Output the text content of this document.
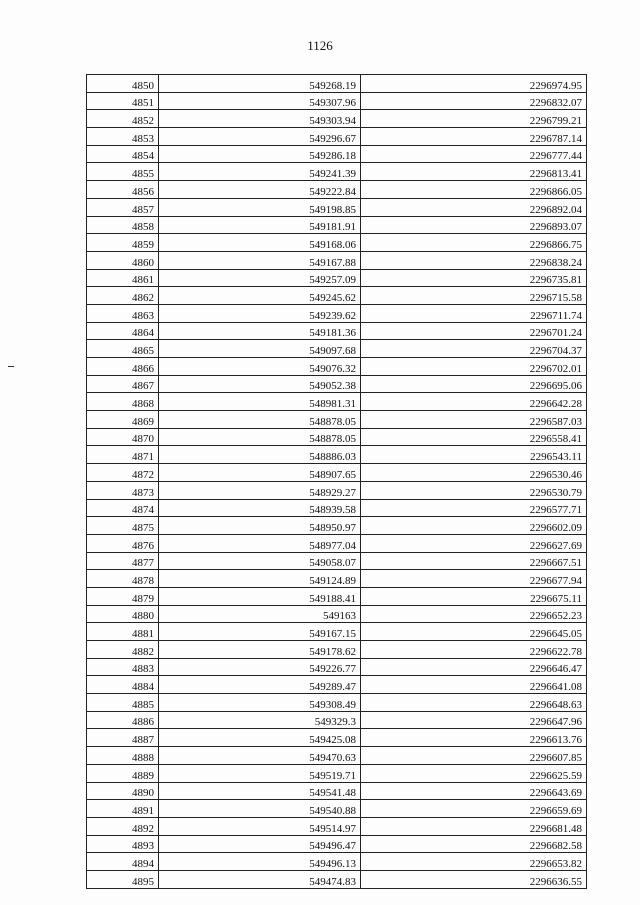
1126
4850	549268.19	2296974.95
4851	549307.96	2296832.07
4852	549303.94	2296799.21
4853	549296.67	2296787.14
4854	549286.18	2296777.44
4855	549241.39	2296813.41
4856	549222.84	2296866.05
4857	549198.85	2296892.04
4858	549181.91	2296893.07
4859	549168.06	2296866.75
4860	549167.88	2296838.24
4861	549257.09	2296735.81
4862	549245.62	2296715.58
4863	549239.62	2296711.74
4864	549181.36	2296701.24
4865	549097.68	2296704.37
4866	549076.32	2296702.01
4867	549052.38	2296695.06
4868	548981.31	2296642.28
4869	548878.05	2296587.03
4870	548878.05	2296558.41
4871	548886.03	2296543.11
4872	548907.65	2296530.46
4873	548929.27	2296530.79
4874	548939.58	2296577.71
4875	548950.97	2296602.09
4876	548977.04	2296627.69
4877	549058.07	2296667.51
4878	549124.89	2296677.94
4879	549188.41	2296675.11
4880	549163	2296652.23
4881	549167.15	2296645.05
4882	549178.62	2296622.78
4883	549226.77	2296646.47
4884	549289.47	2296641.08
4885	549308.49	2296648.63
4886	549329.3	2296647.96
4887	549425.08	2296613.76
4888	549470.63	2296607.85
4889	549519.71	2296625.59
4890	549541.48	2296643.69
4891	549540.88	2296659.69
4892	549514.97	2296681.48
4893	549496.47	2296682.58
4894	549496.13	2296653.82
4895	549474.83	2296636.55
